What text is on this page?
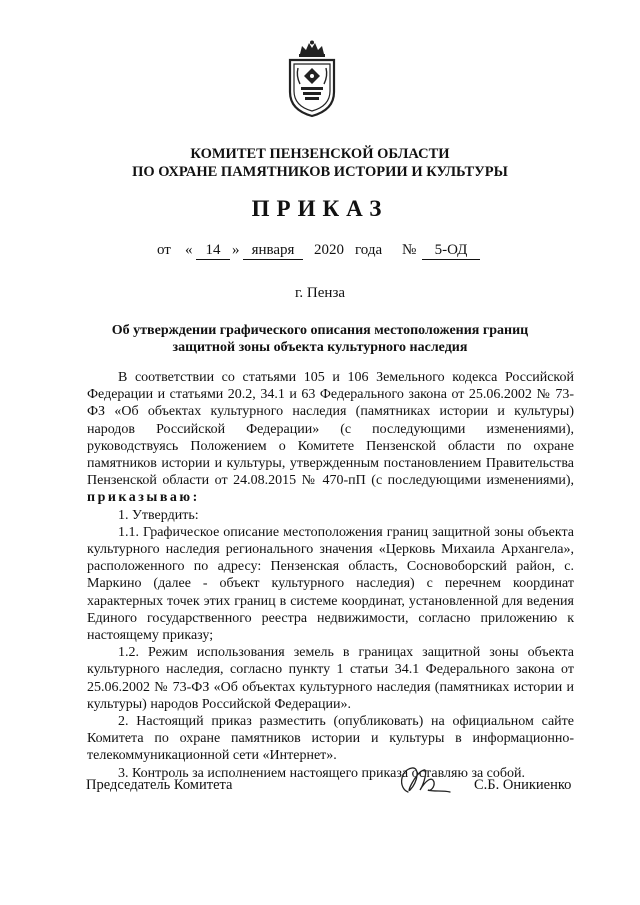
КОМИТЕТ ПЕНЗЕНСКОЙ ОБЛАСТИ
ПО ОХРАНЕ ПАМЯТНИКОВ ИСТОРИИ И КУЛЬТУРЫ
ПРИКАЗ
от « 14 » января	2020 года №	5-ОД
г. Пенза
Об утверждении графического описания местоположения границ
защитной зоны объекта культурного наследия

В соответствии со статьями 105 и 106 Земельного кодекса Российской Федерации и статьями 20.2, 34.1 и 63 Федерального закона от 25.06.2002 № 73-ФЗ «Об объектах культурного наследия (памятниках истории и культуры) народов Российской Федерации» (с последующими изменениями), руководствуясь Положением о Комитете Пензенской области по охране памятников истории и культуры, утвержденным постановлением Правительства Пензенской области от 24.08.2015 № 470-пП (с последующими изменениями), приказываю:

1. Утвердить:

1.1. Графическое описание местоположения границ защитной зоны объекта культурного наследия регионального значения «Церковь Михаила Архангела», расположенного по адресу: Пензенская область, Сосновоборский район, с. Маркино (далее - объект культурного наследия) с перечнем координат характерных точек этих границ в системе координат, установленной для ведения Единого государственного реестра недвижимости, согласно приложению к настоящему приказу;

1.2. Режим использования земель в границах защитной зоны объекта культурного наследия, согласно пункту 1 статьи 34.1 Федерального закона от 25.06.2002 № 73-ФЗ «Об объектах культурного наследия (памятниках истории и культуры) народов Российской Федерации».

2. Настоящий приказ разместить (опубликовать) на официальном сайте Комитета по охране памятников истории и культуры в информационно-телекоммуникационной сети «Интернет».

3. Контроль за исполнением настоящего приказа оставляю за собой.

Председатель Комитета	С.Б. Оникиенко
